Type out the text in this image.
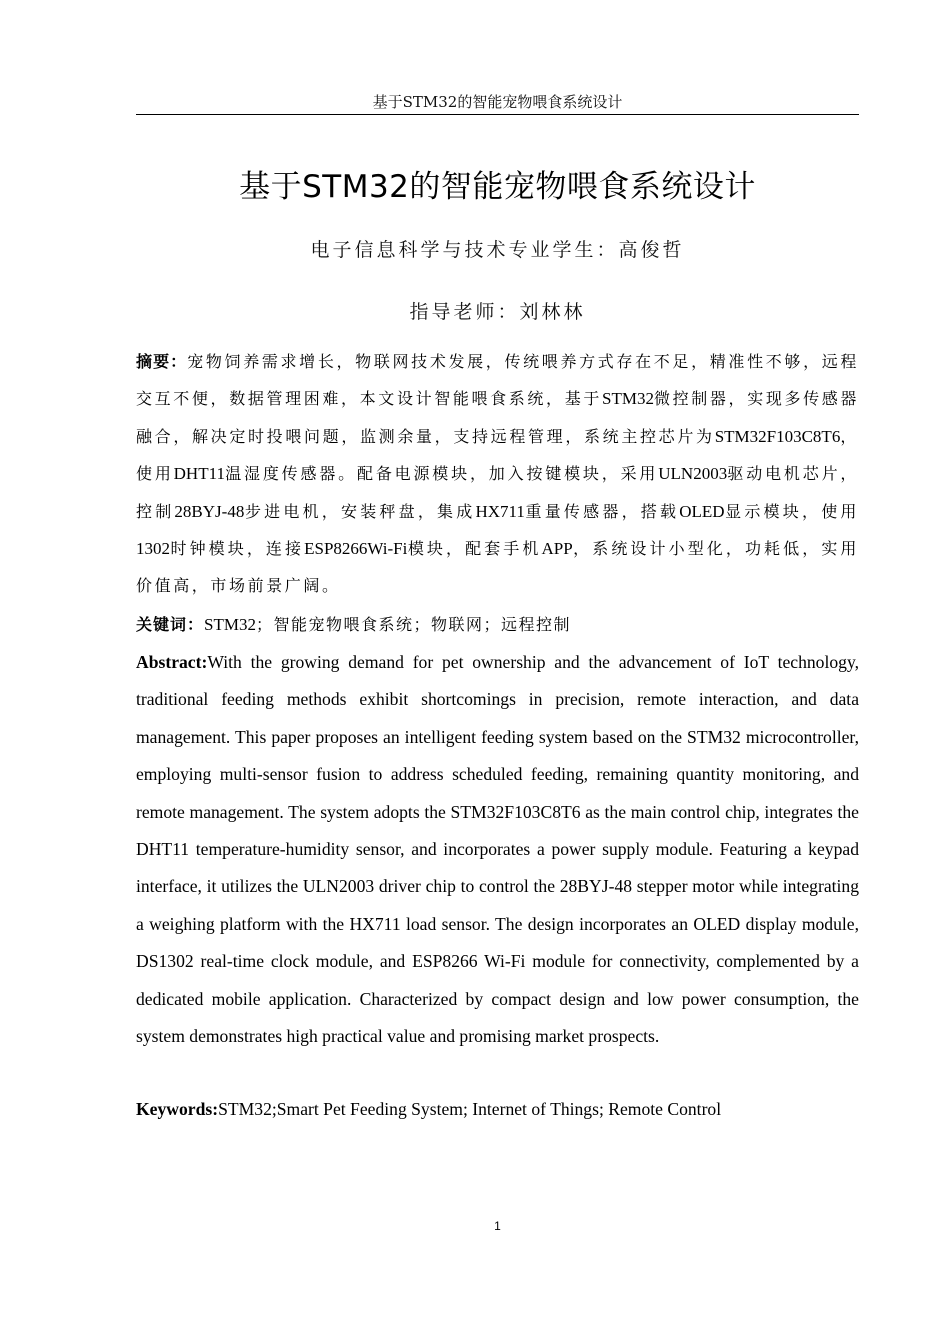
基于STM32的智能宠物喂食系统设计
基于STM32的智能宠物喂食系统设计
电子信息科学与技术专业学生：高俊哲
指导老师：刘林林

摘要：宠物饲养需求增长，物联网技术发展，传统喂养方式存在不足，精准性不够，远程交互不便，数据管理困难，本文设计智能喂食系统，基于STM32微控制器，实现多传感器融合，解决定时投喂问题，监测余量，支持远程管理，系统主控芯片为STM32F103C8T6，使用DHT11温湿度传感器。配备电源模块，加入按键模块，采用ULN2003驱动电机芯片，控制28BYJ-48步进电机，安装秤盘，集成HX711重量传感器，搭载OLED显示模块，使用1302时钟模块，连接ESP8266Wi-Fi模块，配套手机APP，系统设计小型化，功耗低，实用价值高，市场前景广阔。

关键词：STM32；智能宠物喂食系统；物联网；远程控制

Abstract:With the growing demand for pet ownership and the advancement of IoT technology, traditional feeding methods exhibit shortcomings in precision, remote interaction, and data management. This paper proposes an intelligent feeding system based on the STM32 microcontroller, employing multi-sensor fusion to address scheduled feeding, remaining quantity monitoring, and remote management. The system adopts the STM32F103C8T6 as the main control chip, integrates the DHT11 temperature-humidity sensor, and incorporates a power supply module. Featuring a keypad interface, it utilizes the ULN2003 driver chip to control the 28BYJ-48 stepper motor while integrating a weighing platform with the HX711 load sensor. The design incorporates an OLED display module, DS1302 real-time clock module, and ESP8266 Wi-Fi module for connectivity, complemented by a dedicated mobile application. Characterized by compact design and low power consumption, the system demonstrates high practical value and promising market prospects.

Keywords:STM32;Smart Pet Feeding System; Internet of Things; Remote Control

1
